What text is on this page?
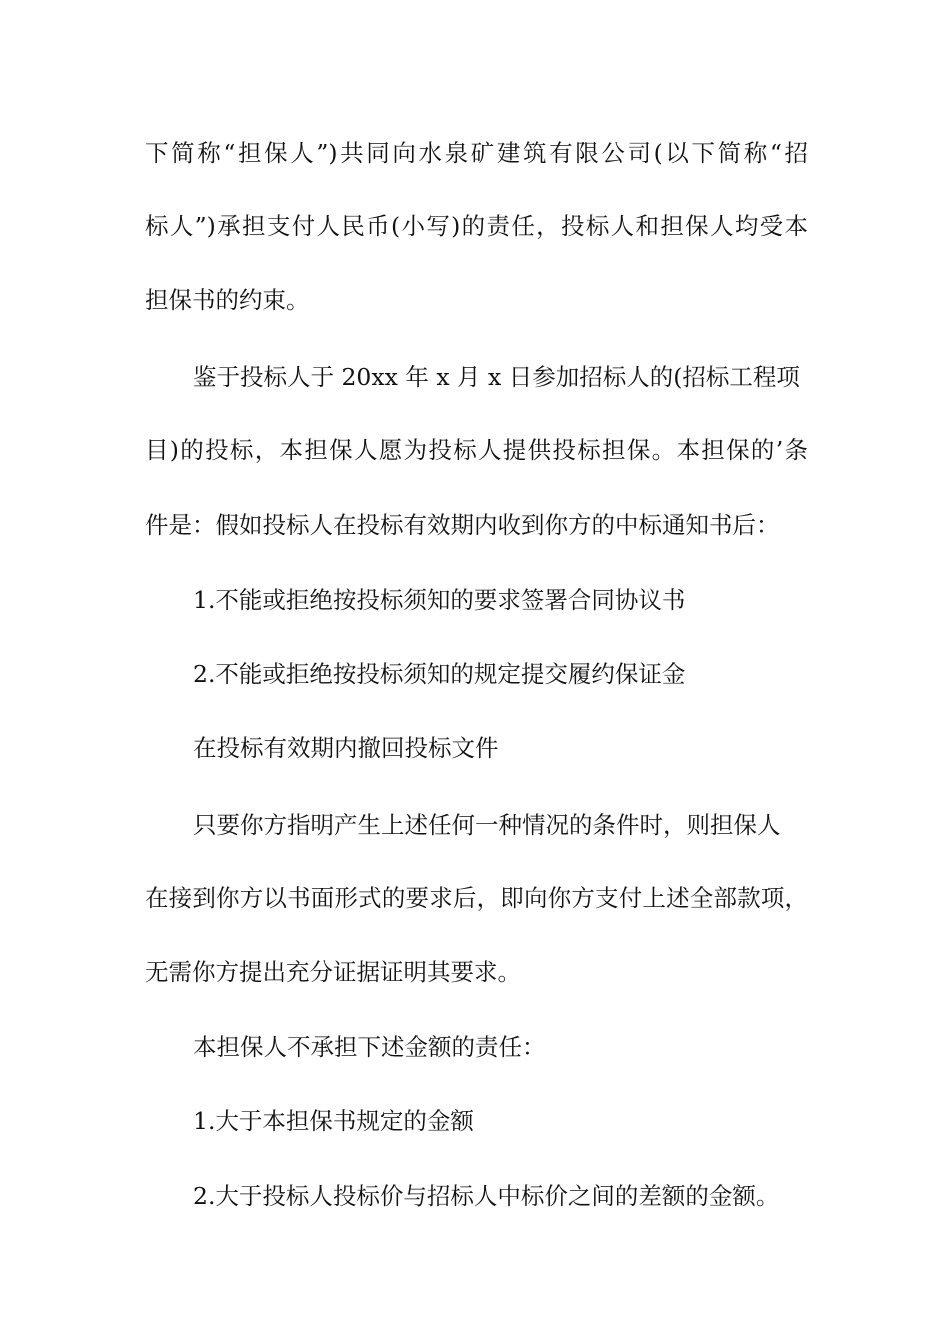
下简称“担保人”)共同向水泉矿建筑有限公司(以下简称“招
标人”)承担支付人民币(小写)的责任，投标人和担保人均受本
担保书的约束。
鉴于投标人于 20xx 年 x 月 x 日参加招标人的(招标工程项
目)的投标，本担保人愿为投标人提供投标担保。本担保的’条
件是：假如投标人在投标有效期内收到你方的中标通知书后：
1.不能或拒绝按投标须知的要求签署合同协议书
2.不能或拒绝按投标须知的规定提交履约保证金
在投标有效期内撤回投标文件
只要你方指明产生上述任何一种情况的条件时，则担保人
在接到你方以书面形式的要求后，即向你方支付上述全部款项，
无需你方提出充分证据证明其要求。
本担保人不承担下述金额的责任：
1.大于本担保书规定的金额
2.大于投标人投标价与招标人中标价之间的差额的金额。
